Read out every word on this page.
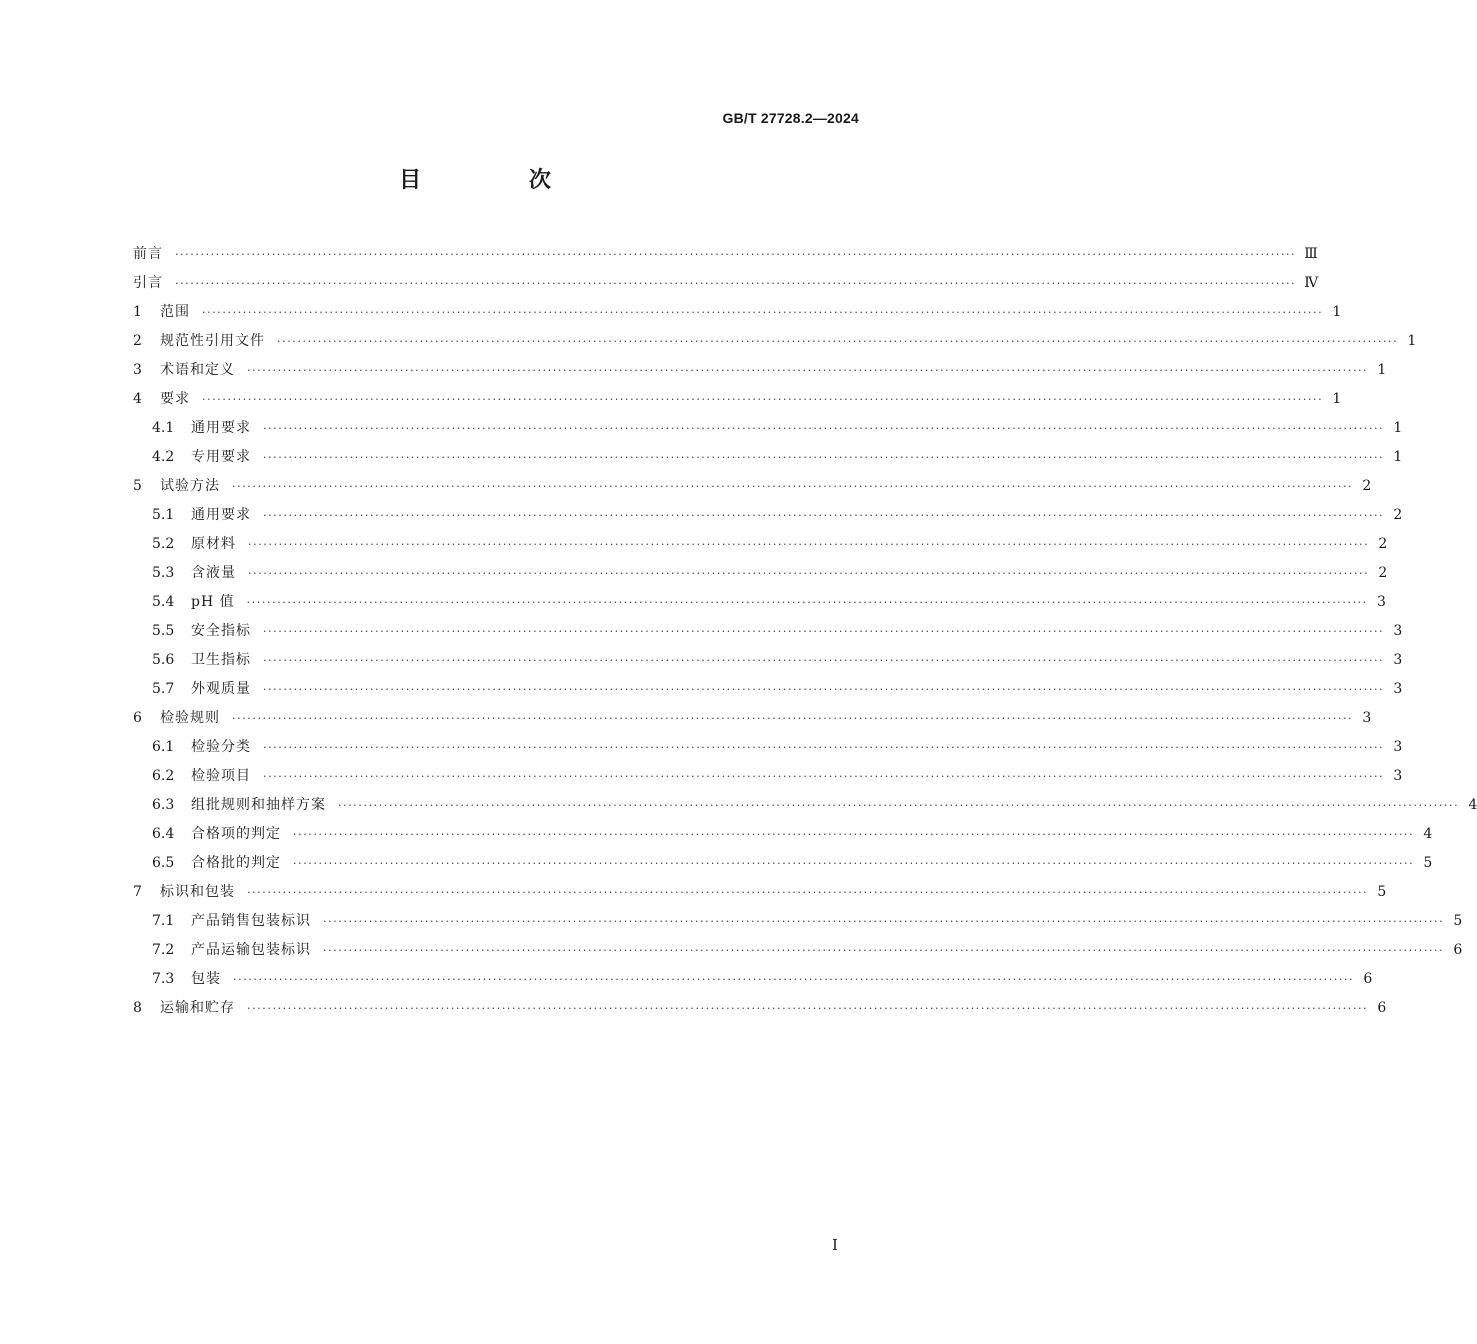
GB/T 27728.2—2024
目 次
前言 ···························································································································································································································· Ⅲ
引言 ···························································································································································································································· Ⅳ
1	范围 ···························································································································································································································· 1
2	规范性引用文件 ···························································································································································································································· 1
3	术语和定义 ···························································································································································································································· 1
4	要求 ···························································································································································································································· 1
4.1	通用要求 ···························································································································································································································· 1
4.2	专用要求 ···························································································································································································································· 1
5	试验方法 ···························································································································································································································· 2
5.1	通用要求 ···························································································································································································································· 2
5.2	原材料 ···························································································································································································································· 2
5.3	含液量 ···························································································································································································································· 2
5.4	pH 值 ···························································································································································································································· 3
5.5	安全指标 ···························································································································································································································· 3
5.6	卫生指标 ···························································································································································································································· 3
5.7	外观质量 ···························································································································································································································· 3
6	检验规则 ···························································································································································································································· 3
6.1	检验分类 ···························································································································································································································· 3
6.2	检验项目 ···························································································································································································································· 3
6.3	组批规则和抽样方案 ···························································································································································································································· 4
6.4	合格项的判定 ···························································································································································································································· 4
6.5	合格批的判定 ···························································································································································································································· 5
7	标识和包装 ···························································································································································································································· 5
7.1	产品销售包装标识 ···························································································································································································································· 5
7.2	产品运输包装标识 ···························································································································································································································· 6
7.3	包装 ···························································································································································································································· 6
8	运输和贮存 ···························································································································································································································· 6
Ⅰ
